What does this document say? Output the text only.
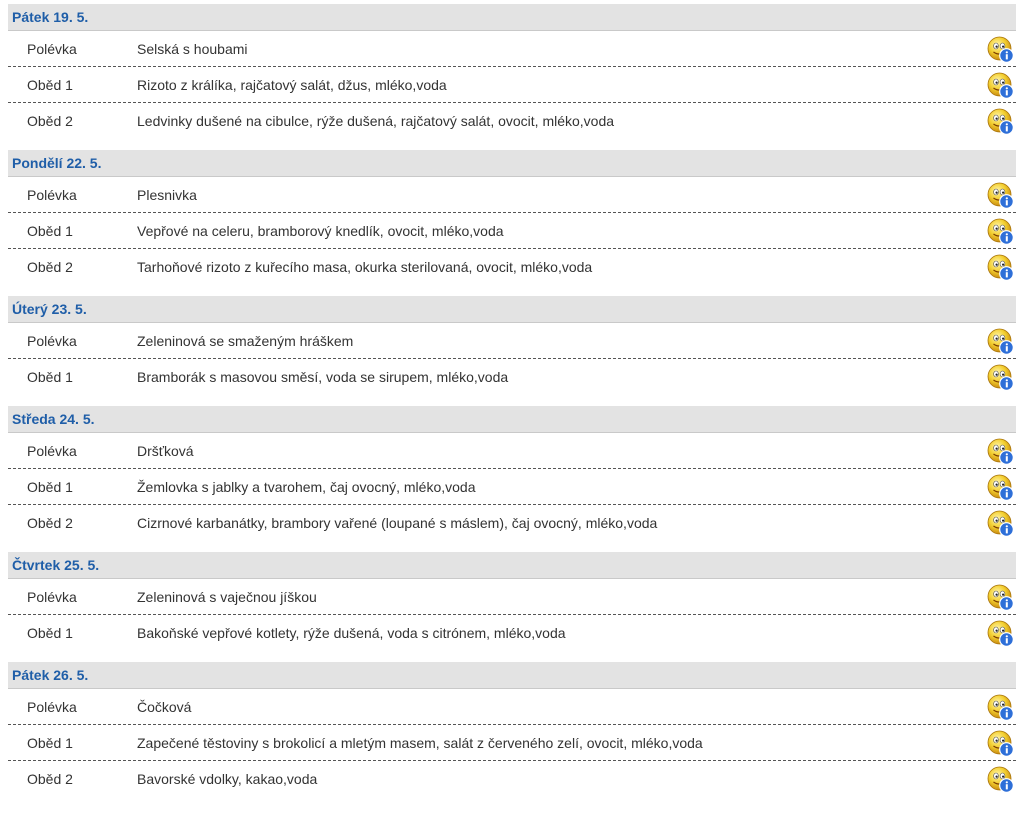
Pátek 19. 5.
Polévka	Selská s houbami
Oběd 1	Rizoto z králíka, rajčatový salát, džus, mléko,voda
Oběd 2	Ledvinky dušené na cibulce, rýže dušená, rajčatový salát, ovocit, mléko,voda
Pondělí 22. 5.
Polévka	Plesnivka
Oběd 1	Vepřové na celeru, bramborový knedlík, ovocit, mléko,voda
Oběd 2	Tarhoňové rizoto z kuřecího masa, okurka sterilovaná, ovocit, mléko,voda
Úterý 23. 5.
Polévka	Zeleninová se smaženým hráškem
Oběd 1	Bramborák s masovou směsí, voda se sirupem, mléko,voda
Středa 24. 5.
Polévka	Dršťková
Oběd 1	Žemlovka s jablky a tvarohem, čaj ovocný, mléko,voda
Oběd 2	Cizrnové karbanátky, brambory vařené (loupané s máslem), čaj ovocný, mléko,voda
Čtvrtek 25. 5.
Polévka	Zeleninová s vaječnou jíškou
Oběd 1	Bakoňské vepřové kotlety, rýže dušená, voda s citrónem, mléko,voda
Pátek 26. 5.
Polévka	Čočková
Oběd 1	Zapečené těstoviny s brokolicí a mletým masem, salát z červeného zelí, ovocit, mléko,voda
Oběd 2	Bavorské vdolky, kakao,voda
